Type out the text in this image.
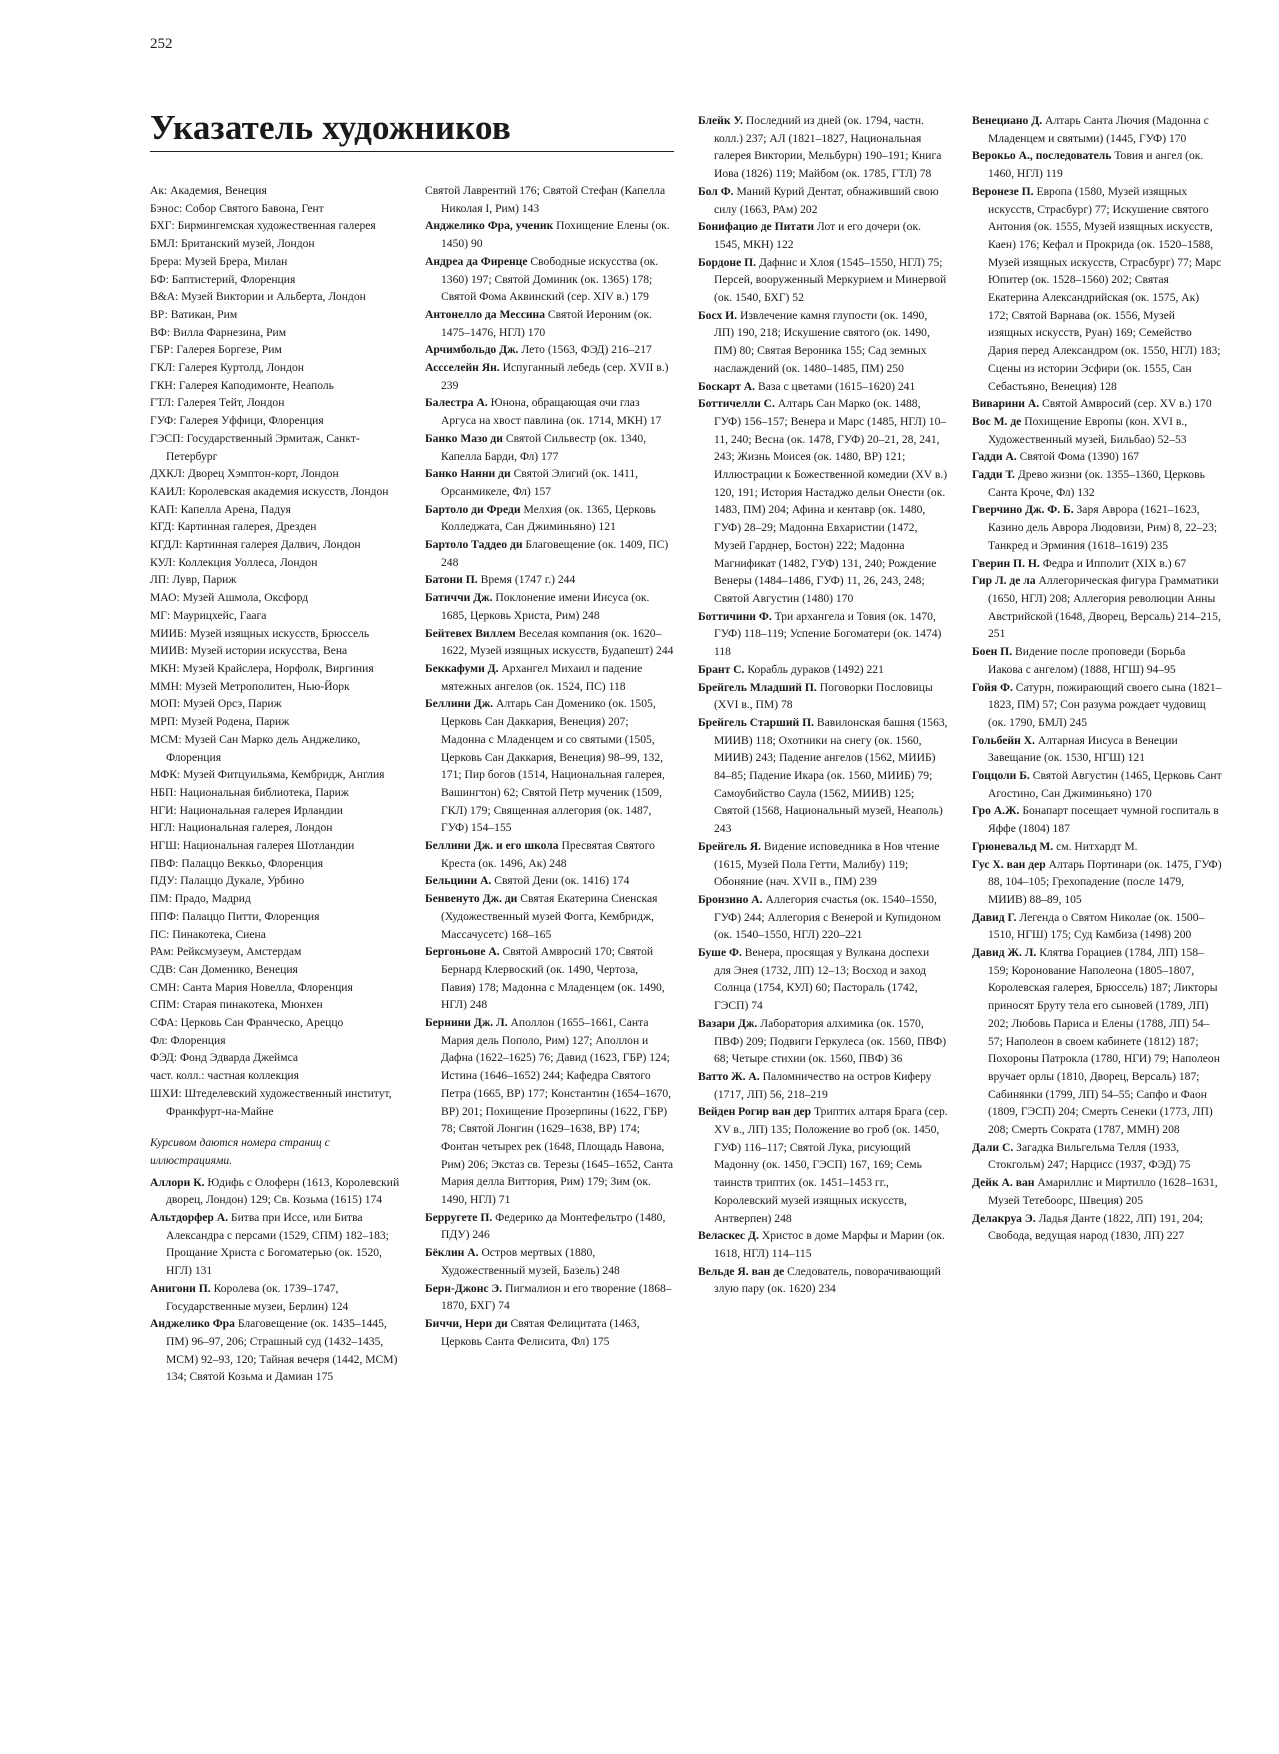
252
Указатель художников

Ак: Академия, Венеция

Бэнос: Собор Святого Бавона, Гент

БХГ: Бирмингемская художественная галерея

БМЛ: Британский музей, Лондон

Брера: Музей Брера, Милан

БФ: Баптистерий, Флоренция

В&А: Музей Виктории и Альберта, Лондон

ВР: Ватикан, Рим

ВФ: Вилла Фарнезина, Рим

ГБР: Галерея Боргезе, Рим

ГКЛ: Галерея Куртолд, Лондон

ГКН: Галерея Каподимонте, Неаполь

ГТЛ: Галерея Тейт, Лондон

ГУФ: Галерея Уффици, Флоренция

ГЭСП: Государственный Эрмитаж, Санкт-Петербург

ДХКЛ: Дворец Хэмптон-корт, Лондон

КАИЛ: Королевская академия искусств, Лондон

КАП: Капелла Арена, Падуя

КГД: Картинная галерея, Дрезден

КГДЛ: Картинная галерея Далвич, Лондон

КУЛ: Коллекция Уоллеса, Лондон

ЛП: Лувр, Париж

МАО: Музей Ашмола, Оксфорд

МГ: Маурицхейс, Гаага

МИИБ: Музей изящных искусств, Брюссель

МИИВ: Музей истории искусства, Вена

МКН: Музей Крайслера, Норфолк, Виргиния

ММН: Музей Метрополитен, Нью-Йорк

МОП: Музей Орсэ, Париж

МРП: Музей Родена, Париж

МСМ: Музей Сан Марко дель Анджелико, Флоренция

МФК: Музей Фитцуильяма, Кембридж, Англия

НБП: Национальная библиотека, Париж

НГИ: Национальная галерея Ирландии

НГЛ: Национальная галерея, Лондон

НГШ: Национальная галерея Шотландии

ПВФ: Палаццо Веккьо, Флоренция

ПДУ: Палаццо Дукале, Урбино

ПМ: Прадо, Мадрид

ППФ: Палаццо Питти, Флоренция

ПС: Пинакотека, Сиена

РАм: Рейксмузеум, Амстердам

СДВ: Сан Доменико, Венеция

СМН: Санта Мария Новелла, Флоренция

СПМ: Старая пинакотека, Мюнхен

СФА: Церковь Сан Франческо, Ареццо

Фл: Флоренция

ФЭД: Фонд Эдварда Джеймса

част. колл.: частная коллекция

ШХИ: Штеделевский художественный институт, Франкфурт-на-Майне

Курсивом даются номера страниц с иллюстрациями.

Аллори К. Юдифь с Олоферн (1613, Королевский дворец, Лондон) 129; Св. Козьма (1615) 174

Альтдорфер А. Битва при Иссе, или Битва Александра с персами (1529, СПМ) 182–183; Прощание Христа с Богоматерью (ок. 1520, НГЛ) 131

Анигони П. Королева (ок. 1739–1747, Государственные музеи, Берлин) 124

Анджелико Фра Благовещение (ок. 1435–1445, ПМ) 96–97, 206; Страшный суд (1432–1435, МСМ) 92–93, 120; Тайная вечеря (1442, МСМ) 134; Святой Козьма и Дамиан 175

Святой Лаврентий 176; Святой Стефан (Капелла Николая I, Рим) 143

Анджелико Фра, ученик Похищение Елены (ок. 1450) 90

Андреа да Фиренце Свободные искусства (ок. 1360) 197; Святой Доминик (ок. 1365) 178; Святой Фома Аквинский (сер. XIV в.) 179

Антонелло да Мессина Святой Иероним (ок. 1475–1476, НГЛ) 170

Арчимбольдо Дж. Лето (1563, ФЭД) 216–217

Ассселейн Ян. Испуганный лебедь (сер. XVII в.) 239

Балестра А. Юнона, обращающая очи глаз Аргуса на хвост павлина (ок. 1714, МКН) 17

Банко Мазо ди Святой Сильвестр (ок. 1340, Капелла Барди, Фл) 177

Банко Нанни ди Святой Элигий (ок. 1411, Орсанмикеле, Фл) 157

Бартоло ди Фреди Мелхия (ок. 1365, Церковь Колледжата, Сан Джиминьяно) 121

Бартоло Таддео ди Благовещение (ок. 1409, ПС) 248

Батони П. Время (1747 г.) 244

Батиччи Дж. Поклонение имени Иисуса (ок. 1685, Церковь Христа, Рим) 248

Бейтевех Виллем Веселая компания (ок. 1620–1622, Музей изящных искусств, Будапешт) 244

Беккафуми Д. Архангел Михаил и падение мятежных ангелов (ок. 1524, ПС) 118

Беллини Дж. Алтарь Сан Доменико (ок. 1505, Церковь Сан Даккария, Венеция) 207; Мадонна с Младенцем и со святыми (1505, Церковь Сан Даккария, Венеция) 98–99, 132, 171; Пир богов (1514, Национальная галерея, Вашингтон) 62; Святой Петр мученик (1509, ГКЛ) 179; Священная аллегория (ок. 1487, ГУФ) 154–155

Беллини Дж. и его школа Пресвятая Святого Креста (ок. 1496, Ак) 248

Бельцини А. Святой Дени (ок. 1416) 174

Бенвенуто Дж. ди Святая Екатерина Сиенская (Художественный музей Фогга, Кембридж, Массачусетс) 168–165

Бергоньоне А. Святой Амвросий 170; Святой Бернард Клервоский (ок. 1490, Чертоза, Павия) 178; Мадонна с Младенцем (ок. 1490, НГЛ) 248

Бернини Дж. Л. Аполлон (1655–1661, Санта Мария дель Пополо, Рим) 127; Аполлон и Дафна (1622–1625) 76; Давид (1623, ГБР) 124; Истина (1646–1652) 244; Кафедра Святого Петра (1665, ВР) 177; Константин (1654–1670, ВР) 201; Похищение Прозерпины (1622, ГБР) 78; Святой Лонгин (1629–1638, ВР) 174; Фонтан четырех рек (1648, Площадь Навона, Рим) 206; Экстаз св. Терезы (1645–1652, Санта Мария делла Виттория, Рим) 179; Зим (ок. 1490, НГЛ) 71

Берругете П. Федерико да Монтефельтро (1480, ПДУ) 246

Бёклин А. Остров мертвых (1880, Художественный музей, Базель) 248

Берн-Джонс Э. Пигмалион и его творение (1868–1870, БХГ) 74

Биччи, Нери ди Святая Фелицитата (1463, Церковь Санта Фелисита, Фл) 175

Блейк У. Последний из дней (ок. 1794, частн. колл.) 237; АЛ (1821–1827, Национальная галерея Виктории, Мельбурн) 190–191; Книга Иова (1826) 119; Майбом (ок. 1785, ГТЛ) 78

Бол Ф. Маний Курий Дентат, обнаживший свою силу (1663, РАм) 202

Бонифацио де Питати Лот и его дочери (ок. 1545, МКН) 122

Бордоне П. Дафнис и Хлоя (1545–1550, НГЛ) 75; Персей, вооруженный Меркурием и Минервой (ок. 1540, БХГ) 52

Босх И. Извлечение камня глупости (ок. 1490, ЛП) 190, 218; Искушение святого (ок. 1490, ПМ) 80; Святая Вероника 155; Сад земных наслаждений (ок. 1480–1485, ПМ) 250

Боскарт А. Ваза с цветами (1615–1620) 241

Боттичелли С. Алтарь Сан Марко (ок. 1488, ГУФ) 156–157; Венера и Марс (1485, НГЛ) 10–11, 240; Весна (ок. 1478, ГУФ) 20–21, 28, 241, 243; Жизнь Моисея (ок. 1480, ВР) 121; Иллюстрации к Божественной комедии (XV в.) 120, 191; История Настаджо дельи Онести (ок. 1483, ПМ) 204; Афина и кентавр (ок. 1480, ГУФ) 28–29; Мадонна Евхаристии (1472, Музей Гарднер, Бостон) 222; Мадонна Магнификат (1482, ГУФ) 131, 240; Рождение Венеры (1484–1486, ГУФ) 11, 26, 243, 248; Святой Августин (1480) 170

Боттичини Ф. Три архангела и Товия (ок. 1470, ГУФ) 118–119; Успение Богоматери (ок. 1474) 118

Брант С. Корабль дураков (1492) 221

Брейгель Младший П. Поговорки Пословицы (XVI в., ПМ) 78

Брейгель Старший П. Вавилонская башня (1563, МИИВ) 118; Охотники на снегу (ок. 1560, МИИВ) 243; Падение ангелов (1562, МИИБ) 84–85; Падение Икара (ок. 1560, МИИБ) 79; Самоубийство Саула (1562, МИИВ) 125; Святой (1568, Национальный музей, Неаполь) 243

Брейгель Я. Видение исповедника в Нов чтение (1615, Музей Пола Гетти, Малибу) 119; Обоняние (нач. XVII в., ПМ) 239

Бронзино А. Аллегория счастья (ок. 1540–1550, ГУФ) 244; Аллегория с Венерой и Купидоном (ок. 1540–1550, НГЛ) 220–221

Буше Ф. Венера, просящая у Вулкана доспехи для Энея (1732, ЛП) 12–13; Восход и заход Солнца (1754, КУЛ) 60; Пастораль (1742, ГЭСП) 74

Вазари Дж. Лаборатория алхимика (ок. 1570, ПВФ) 209; Подвиги Геркулеса (ок. 1560, ПВФ) 68; Четыре стихии (ок. 1560, ПВФ) 36

Ватто Ж. А. Паломничество на остров Киферу (1717, ЛП) 56, 218–219

Вейден Рогир ван дер Триптих алтаря Брага (сер. XV в., ЛП) 135; Положение во гроб (ок. 1450, ГУФ) 116–117; Святой Лука, рисующий Мадонну (ок. 1450, ГЭСП) 167, 169; Семь таинств триптих (ок. 1451–1453 гг., Королевский музей изящных искусств, Антверпен) 248

Веласкес Д. Христос в доме Марфы и Марии (ок. 1618, НГЛ) 114–115

Вельде Я. ван де Следователь, поворачивающий злую пару (ок. 1620) 234

Венециано Д. Алтарь Санта Лючия (Мадонна с Младенцем и святыми) (1445, ГУФ) 170

Верокьо А., последователь Товия и ангел (ок. 1460, НГЛ) 119

Веронезе П. Европа (1580, Музей изящных искусств, Страсбург) 77; Искушение святого Антония (ок. 1555, Музей изящных искусств, Каен) 176; Кефал и Прокрида (ок. 1520–1588, Музей изящных искусств, Страсбург) 77; Марс Юпитер (ок. 1528–1560) 202; Святая Екатерина Александрийская (ок. 1575, Ак) 172; Святой Варнава (ок. 1556, Музей изящных искусств, Руан) 169; Семейство Дария перед Александром (ок. 1550, НГЛ) 183; Сцены из истории Эсфири (ок. 1555, Сан Себастьяно, Венеция) 128

Виварини А. Святой Амвросий (сер. XV в.) 170

Вос М. де Похищение Европы (кон. XVI в., Художественный музей, Бильбао) 52–53

Гадди А. Святой Фома (1390) 167

Гадди Т. Древо жизни (ок. 1355–1360, Церковь Санта Кроче, Фл) 132

Гверчино Дж. Ф. Б. Заря Аврора (1621–1623, Казино дель Аврора Людовизи, Рим) 8, 22–23; Танкред и Эрминия (1618–1619) 235

Гверин П. Н. Федра и Ипполит (XIX в.) 67

Гир Л. де ла Аллегорическая фигура Грамматики (1650, НГЛ) 208; Аллегория революции Анны Австрийской (1648, Дворец, Версаль) 214–215, 251

Боен П. Видение после проповеди (Борьба Иакова с ангелом) (1888, НГШ) 94–95

Гойя Ф. Сатурн, пожирающий своего сына (1821–1823, ПМ) 57; Сон разума рождает чудовищ (ок. 1790, БМЛ) 245

Гольбейн Х. Алтарная Иисуса в Венеции Завещание (ок. 1530, НГШ) 121

Гоццоли Б. Святой Августин (1465, Церковь Сант Агостино, Сан Джиминьяно) 170

Гро А.Ж. Бонапарт посещает чумной госпиталь в Яффе (1804) 187

Грюневальд М. см. Нитхардт М.

Гус Х. ван дер Алтарь Портинари (ок. 1475, ГУФ) 88, 104–105; Грехопадение (после 1479, МИИВ) 88–89, 105

Давид Г. Легенда о Святом Николае (ок. 1500–1510, НГШ) 175; Суд Камбиза (1498) 200

Давид Ж. Л. Клятва Горациев (1784, ЛП) 158–159; Коронование Наполеона (1805–1807, Королевская галерея, Брюссель) 187; Ликторы приносят Бруту тела его сыновей (1789, ЛП) 202; Любовь Париса и Елены (1788, ЛП) 54–57; Наполеон в своем кабинете (1812) 187; Похороны Патрокла (1780, НГИ) 79; Наполеон вручает орлы (1810, Дворец, Версаль) 187; Сабинянки (1799, ЛП) 54–55; Сапфо и Фаон (1809, ГЭСП) 204; Смерть Сенеки (1773, ЛП) 208; Смерть Сократа (1787, ММН) 208

Дали С. Загадка Вильгельма Телля (1933, Стокгольм) 247; Нарцисс (1937, ФЭД) 75

Дейк А. ван Амариллис и Миртилло (1628–1631, Музей Тетебоорс, Швеция) 205

Делакруа Э. Ладья Данте (1822, ЛП) 191, 204; Свобода, ведущая народ (1830, ЛП) 227
